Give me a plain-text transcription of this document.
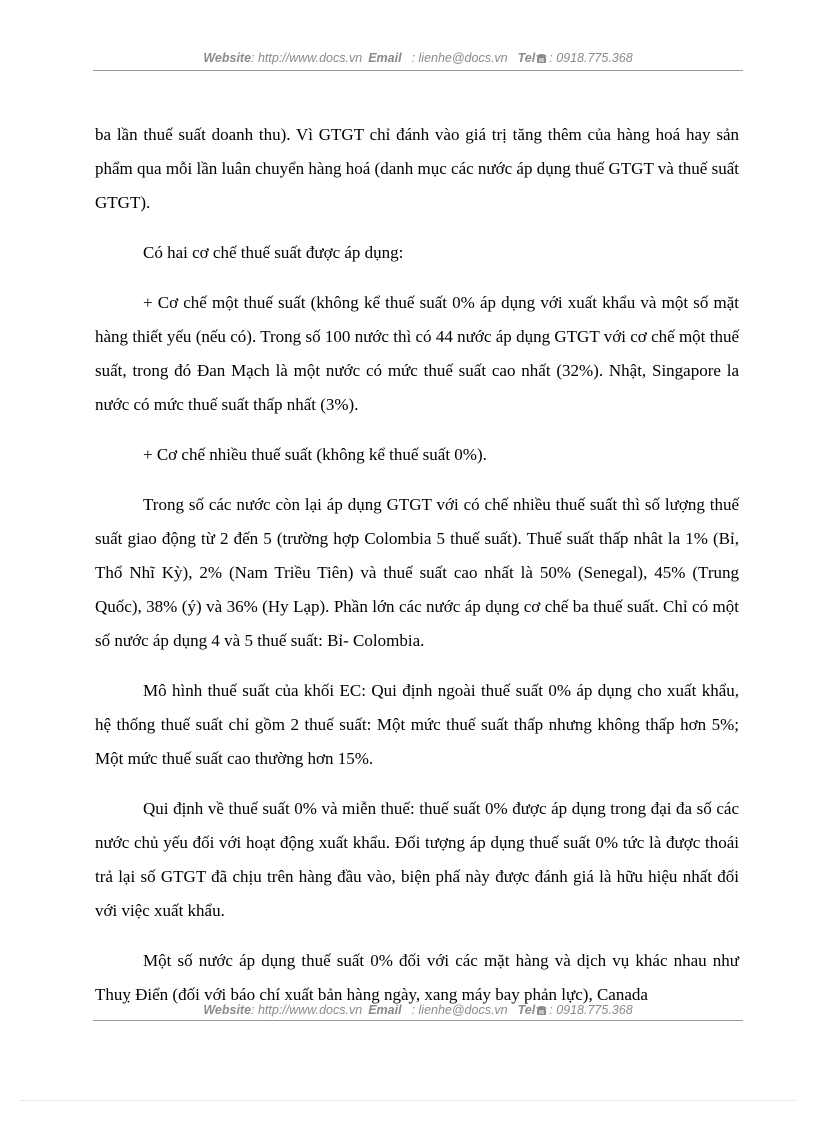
Website: http://www.docs.vn Email : lienhe@docs.vn Tel : 0918.775.368

ba lần thuế suất doanh thu). Vì GTGT chỉ đánh vào giá trị tăng thêm của hàng hoá hay sản phẩm qua mỗi lần luân chuyển hàng hoá (danh mục các nước áp dụng thuế GTGT và thuế suất GTGT).

Có hai cơ chế thuế suất được áp dụng:

+ Cơ chế một thuế suất (không kể thuế suất 0% áp dụng với xuất khẩu và một số mặt hàng thiết yếu (nếu có). Trong số 100 nước thì có 44 nước áp dụng GTGT với cơ chế một thuế suất, trong đó Đan Mạch là một nước có mức thuế suất cao nhất (32%). Nhật, Singapore la nước có mức thuế suất thấp nhất (3%).

+ Cơ chế nhiều thuế suất (không kể thuế suất 0%).

Trong số các nước còn lại áp dụng GTGT với có chế nhiều thuế suất thì số lượng thuế suất giao động từ 2 đến 5 (trường hợp Colombia 5 thuế suất). Thuế suất thấp nhât la 1% (Bỉ, Thổ Nhĩ Kỳ), 2% (Nam Triều Tiên) và thuế suất cao nhất là 50% (Senegal), 45% (Trung Quốc), 38% (ý) và 36% (Hy Lạp). Phần lớn các nước áp dụng cơ chế ba thuế suất. Chỉ có một số nước áp dụng 4 và 5 thuế suất: Bỉ- Colombia.

Mô hình thuế suất của khối EC: Qui định ngoài thuế suất 0% áp dụng cho xuất khẩu, hệ thống thuế suất chỉ gồm 2 thuế suất: Một mức thuế suất thấp nhưng không thấp hơn 5%; Một mức thuế suất cao thường hơn 15%.

Qui định về thuế suất 0% và miễn thuế: thuế suất 0% được áp dụng trong đại đa số các nước chủ yếu đối với hoạt động xuất khẩu. Đối tượng áp dụng thuế suất 0% tức là được thoái trả lại số GTGT đã chịu trên hàng đầu vào, biện phấ này được đánh giá là hữu hiệu nhất đối với việc xuất khẩu.

Một số nước áp dụng thuế suất 0% đối với các mặt hàng và dịch vụ khác nhau như Thuỵ Điển (đối với báo chí xuất bản hàng ngày, xang máy bay phản lực), Canada

Website: http://www.docs.vn Email : lienhe@docs.vn Tel : 0918.775.368
